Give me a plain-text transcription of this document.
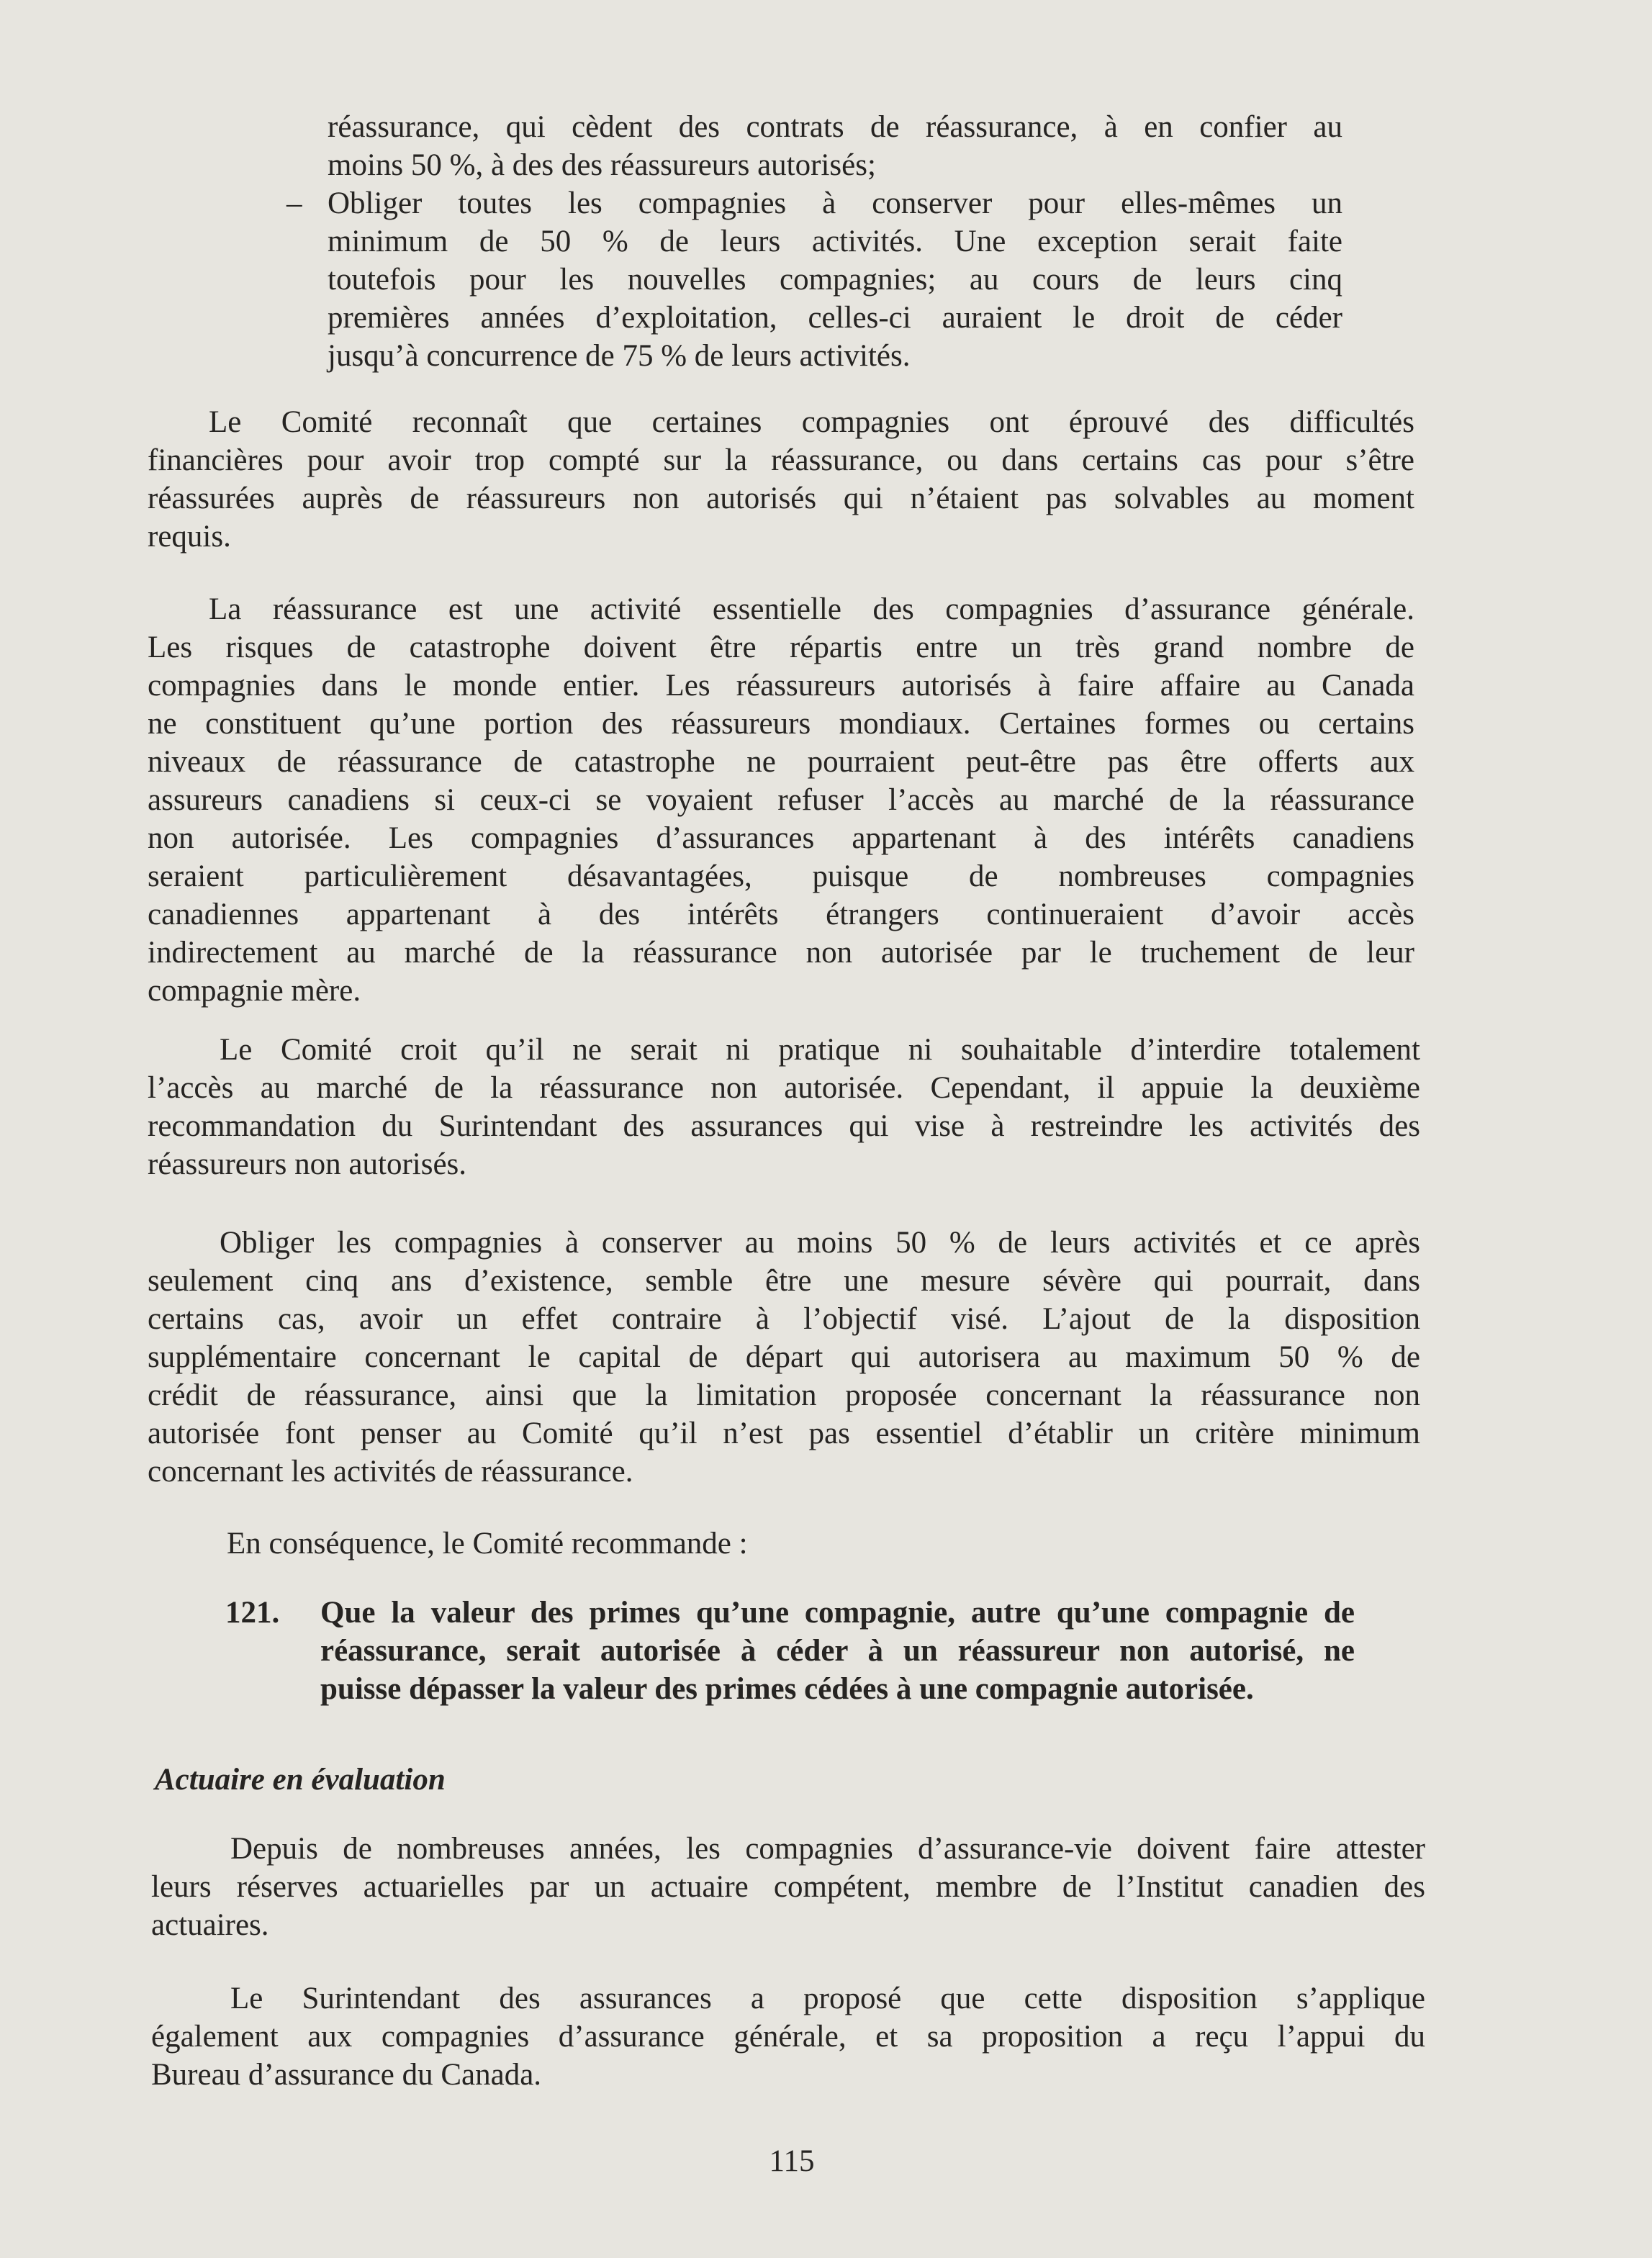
réassurance, qui cèdent des contrats de réassurance, à en confier au
moins 50 %, à des des réassureurs autorisés;
– Obliger toutes les compagnies à conserver pour elles-mêmes un
minimum de 50 % de leurs activités. Une exception serait faite
toutefois pour les nouvelles compagnies; au cours de leurs cinq
premières années d’exploitation, celles-ci auraient le droit de céder
jusqu’à concurrence de 75 % de leurs activités.
Le Comité reconnaît que certaines compagnies ont éprouvé des difficultés
financières pour avoir trop compté sur la réassurance, ou dans certains cas pour s’être
réassurées auprès de réassureurs non autorisés qui n’étaient pas solvables au moment
requis.
La réassurance est une activité essentielle des compagnies d’assurance générale.
Les risques de catastrophe doivent être répartis entre un très grand nombre de
compagnies dans le monde entier. Les réassureurs autorisés à faire affaire au Canada
ne constituent qu’une portion des réassureurs mondiaux. Certaines formes ou certains
niveaux de réassurance de catastrophe ne pourraient peut-être pas être offerts aux
assureurs canadiens si ceux-ci se voyaient refuser l’accès au marché de la réassurance
non autorisée. Les compagnies d’assurances appartenant à des intérêts canadiens
seraient particulièrement désavantagées, puisque de nombreuses compagnies
canadiennes appartenant à des intérêts étrangers continueraient d’avoir accès
indirectement au marché de la réassurance non autorisée par le truchement de leur
compagnie mère.
Le Comité croit qu’il ne serait ni pratique ni souhaitable d’interdire totalement
l’accès au marché de la réassurance non autorisée. Cependant, il appuie la deuxième
recommandation du Surintendant des assurances qui vise à restreindre les activités des
réassureurs non autorisés.
Obliger les compagnies à conserver au moins 50 % de leurs activités et ce après
seulement cinq ans d’existence, semble être une mesure sévère qui pourrait, dans
certains cas, avoir un effet contraire à l’objectif visé. L’ajout de la disposition
supplémentaire concernant le capital de départ qui autorisera au maximum 50 % de
crédit de réassurance, ainsi que la limitation proposée concernant la réassurance non
autorisée font penser au Comité qu’il n’est pas essentiel d’établir un critère minimum
concernant les activités de réassurance.
En conséquence, le Comité recommande :
121. Que la valeur des primes qu’une compagnie, autre qu’une compagnie de
réassurance, serait autorisée à céder à un réassureur non autorisé, ne
puisse dépasser la valeur des primes cédées à une compagnie autorisée.
Actuaire en évaluation
Depuis de nombreuses années, les compagnies d’assurance-vie doivent faire attester
leurs réserves actuarielles par un actuaire compétent, membre de l’Institut canadien des
actuaires.
Le Surintendant des assurances a proposé que cette disposition s’applique
également aux compagnies d’assurance générale, et sa proposition a reçu l’appui du
Bureau d’assurance du Canada.
115
